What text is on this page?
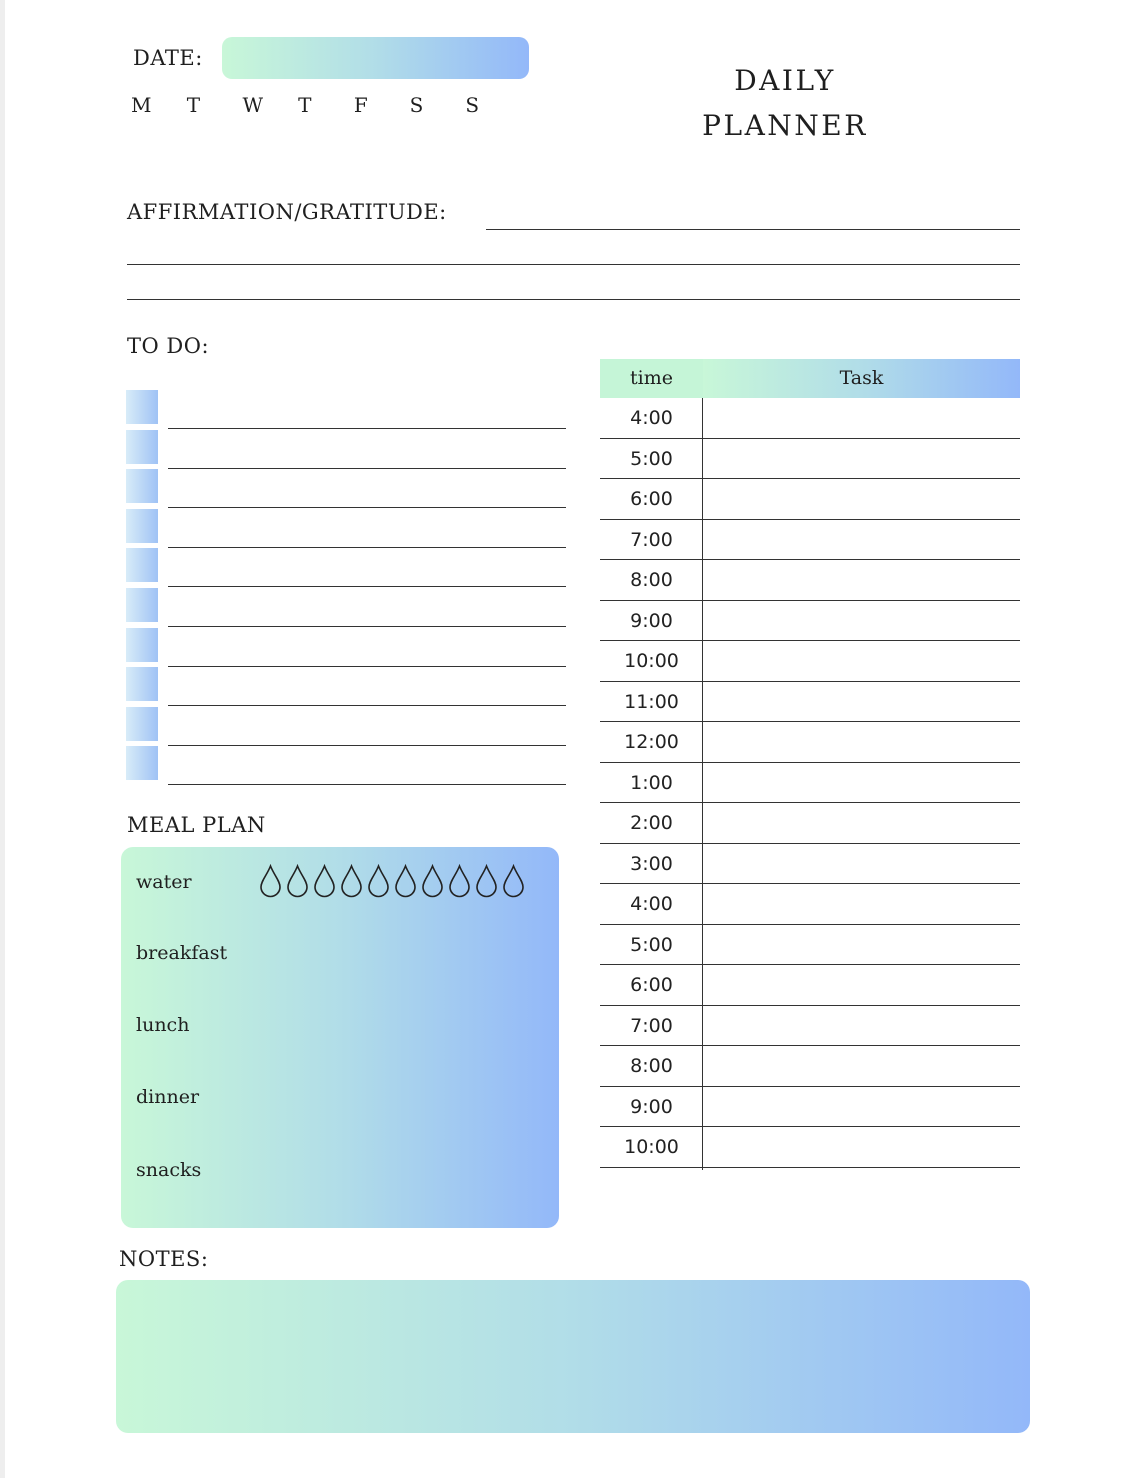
DATE:
M	T	W	T	F	S	S
DAILY
PLANNER
AFFIRMATION/GRATITUDE:
TO DO:
time	Task
4:00
5:00
6:00
7:00
8:00
9:00
10:00
11:00
12:00
1:00
2:00
3:00
4:00
5:00
6:00
7:00
8:00
9:00
10:00
MEAL PLAN
water
breakfast
lunch
dinner
snacks
NOTES:
